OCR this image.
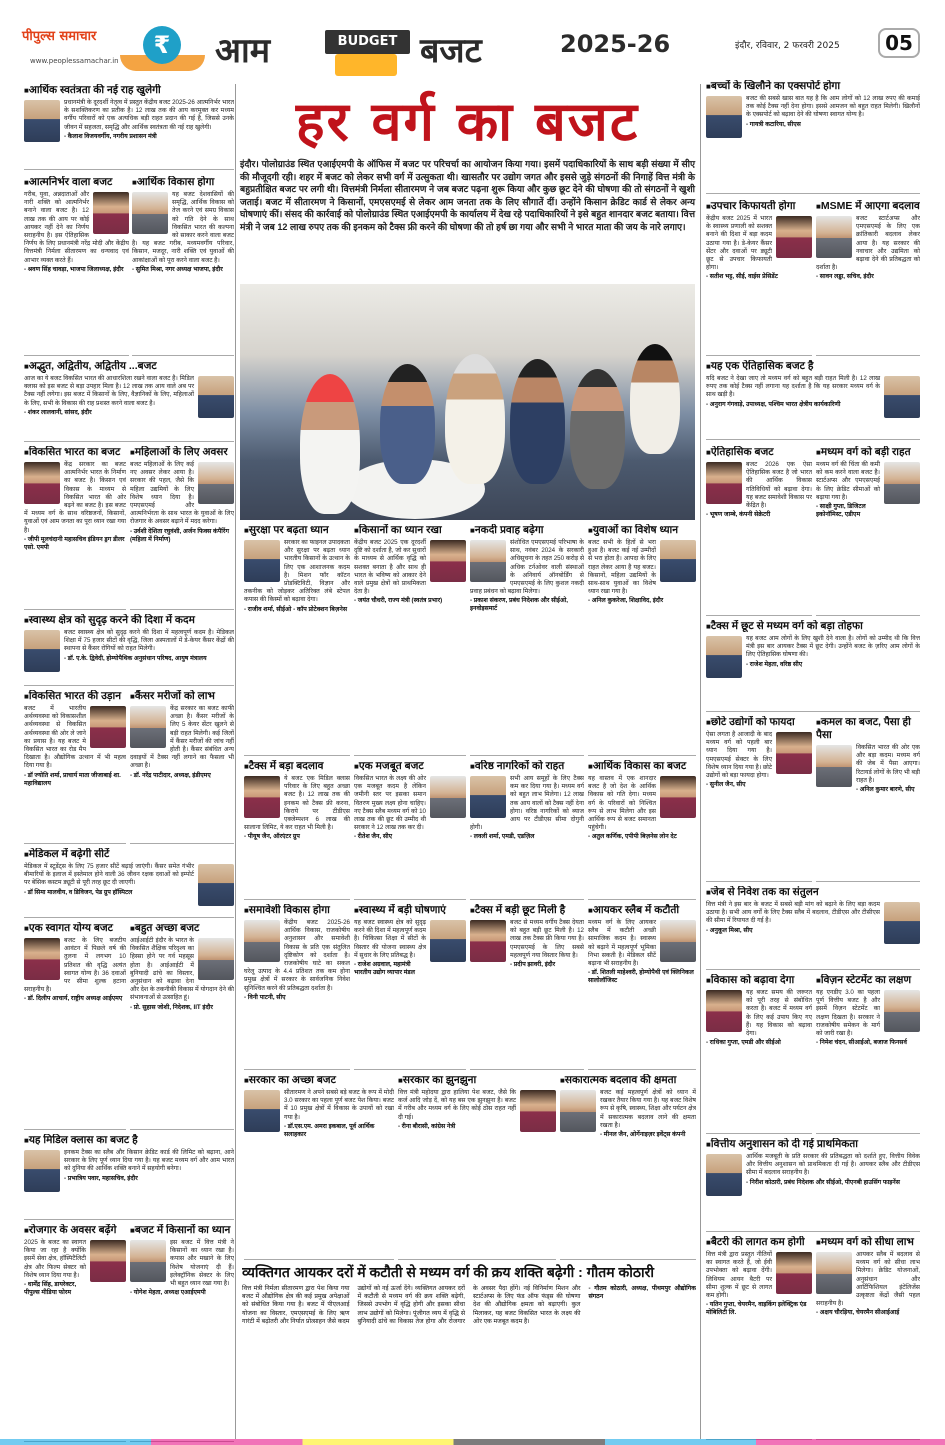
पीपुल्स समाचार
www.peoplessamachar.in
₹	आम	BUDGET बजट	2025-26	इंदौर, रविवार, 2 फरवरी 2025	05
हर वर्ग का बजट
इंदौर। पोलोग्राउंड स्थित एआईएमपी के ऑफिस में बजट पर परिचर्चा का आयोजन किया गया। इसमें पदाधिकारियों के साथ बड़ी संख्या में सीए की मौजूदगी रही। शहर में बजट को लेकर सभी वर्ग में उत्सुकता थी। खासतौर पर उद्योग जगत और इससे जुड़े संगठनों की निगाहें वित्त मंत्री के बहुप्रतीक्षित बजट पर लगी थी। वित्तमंत्री निर्मला सीतारमण ने जब बजट पढ़ना शुरू किया और कुछ छूट देने की घोषणा की तो संगठनों ने खुशी जताई। बजट में सीतारमण ने किसानों, एमएसएमई से लेकर आम जनता तक के लिए सौगातें दीं। उन्होंने किसान क्रेडिट कार्ड से लेकर अन्य घोषणाएं कीं। संसद की कार्रवाई को पोलोग्राउंड स्थित एआईएमपी के कार्यालय में देख रहे पदाधिकारियों ने इसे बहुत शानदार बजट बताया। वित्त मंत्री ने जब 12 लाख रुपए तक की इनकम को टैक्स फ्री करने की घोषणा की तो हर्ष छा गया और सभी ने भारत माता की जय के नारे लगाए।
■ आर्थिक स्वतंत्रता की नई राह खुलेगी

प्रधानमंत्री के दूरदर्शी नेतृत्व में प्रस्तुत केंद्रीय बजट 2025-26 आत्मनिर्भर भारत के सशक्तिकरण का प्रतीक है। 12 लाख तक की आय करमुक्त कर मध्यम वर्गीय परिवारों को एक अत्यधिक बड़ी राहत प्रदान की गई है, जिससे उनके जीवन में सहजता, समृद्धि और आर्थिक स्वतंत्रता की नई राह खुलेगी।

- कैलाश विजयवर्गीय, नगरीय प्रशासन मंत्री
■ आत्मनिर्भर वाला बजट

गरीब, युवा, अन्नदाताओं और नारी शक्ति को आत्मनिर्भर बनाने वाला बजट है। 12 लाख तक की आय पर कोई आयकर नहीं देने का निर्णय सराहनीय है। इस ऐतिहासिक निर्णय के लिए प्रधानमंत्री नरेंद्र मोदी और केंद्रीय वित्तमंत्री निर्मला सीतारमण का धन्यवाद एवं आभार व्यक्त करते हैं।

- श्रवण सिंह चावड़ा, भाजपा जिलाध्यक्ष, इंदौर
■ आर्थिक विकास होगा

यह बजट देशवासियों की समृद्धि, आर्थिक विकास को तेज करने एवं समग्र विकास को गति देने के साथ विकसित भारत की कल्पना को साकार करने वाला बजट है। यह बजट गरीब, मध्यमवर्गीय परिवार, किसान, मजदूर, नारी शक्ति एवं युवाओं की आकांक्षाओं को पूरा करने वाला बजट है।

- सुमित मिश्रा, नगर अध्यक्ष भाजपा, इंदौर
■ अद्भुत, अद्वितीय, अद्वितीय ...बजट

आज का ये बजट विकसित भारत की आधारशिला रखने वाला बजट है। मिडिल क्लास को इस बजट से बड़ा उपहार मिला है। 12 लाख तक आय वाले अब पर टैक्स नहीं लगेगा। इस बजट में किसानों के लिए, वैज्ञानिकों के लिए, महिलाओं के लिए, सभी के विकास की राह प्रशस्त करने वाला बजट है।

- शंकर लालवानी, सांसद, इंदौर
■ विकसित भारत का बजट

केंद्र सरकार का बजट आत्मनिर्भर भारत के निर्माण का बजट है। किसान एवं विकास के माध्यम से विकसित भारत की ओर बढ़ने का बजट है। इस बजट में मध्यम वर्ग के साथ वरिष्ठजनों, किसानों, युवाओं एवं आम जनता का पूरा ध्यान रखा गया है।

- जीपी मूलचंदानी महासचिव इंडियन ड्रग डीलर एसो. एमपी
■ महिलाओं के लिए अवसर

बजट महिलाओं के लिए कई नए अवसर लेकर आया है। सरकार की पहल, जैसे कि महिला उद्यमियों के लिए विशेष ध्यान दिया है। एमएसएमई और आत्मनिर्भरता के साथ भारत के युवाओं के लिए रोजगार के अवसर बढ़ाने में मदद करेगा।

- उर्वशी देशिता रघुवंशी, अर्जन फिक्स कंपैरिंग (महिला में निर्माण)
■ स्वास्थ्य क्षेत्र को सुदृढ़ करने की दिशा में कदम

बजट स्वास्थ्य क्षेत्र को सुदृढ़ करने की दिशा में महत्वपूर्ण कदम है। मेडिकल शिक्षा में 75 हजार सीटों की वृद्धि, जिला अस्पतालों में डे-केयर कैंसर केंद्रों की स्थापना से कैंसर रोगियों को राहत मिलेगी।

- डॉ. ए.के. द्विवेदी, होम्योपैथिक अनुसंधान परिषद, आयुष मंत्रालय
■ विकसित भारत की उड़ान

बजट में भारतीय अर्थव्यवस्था को विकासशील अर्थव्यवस्था से विकसित अर्थव्यवस्था की ओर ले जाने का प्रयास है। यह बजट मे विकसित भारत का रोड मैप दिखाता है। औद्योगिक उत्थान में भी महत्व दिया गया है।

- डॉ ज्योति शर्मा, प्राचार्य माता जीजाबाई शा. महाविद्यालय
■ कैंसर मरीजों को लाभ

केंद्र सरकार का बजट काफी अच्छा है। कैंसर मरीजों के लिए 5 केयर सेंटर खुलने से बड़ी राहत मिलेगी। कई जिलों में कैंसर मरीजों की जांच नहीं होती है। कैंसर संबंधित अन्य दवाइयों में टैक्स नहीं लगाने का फैसला भी अच्छा है।

- डॉ. नरेंद्र पाटीदार, अध्यक्ष, इंडीएमए
■ मेडिकल में बढ़ेगी सीटें

मेडिकल में स्टूडेंट्स के लिए 75 हजार सीटें बढ़ाई जाएंगी। कैंसर समेत गंभीर बीमारियों के इलाज में इस्तेमाल होने वाली 36 जीवन रक्षक दवाओं को इम्पोर्ट पर बेसिक कस्टम ड्यूटी से पूरी तरह छूट दी जाएगी।

- डॉ सिमा मालवीय, व डिविजन, पेड ग्रुप हॉस्पिटल
■ एक स्वागत योग्य बजट

बजट के लिए बजटीय आवंटन में पिछले वर्ष की तुलना में लगभग 10 प्रतिशत की वृद्धि अत्यंत स्वागत योग्य है। 36 दवाओं पर सीमा शुल्क हटाना सराहनीय है।

- डॉ. दिलीप आचार्य, राष्ट्रीय अध्यक्ष आईएमए
■ बहुत अच्छा बजट

आईआईटी इंदौर के भारत के विकसित शैक्षिक परिदृश्य का हिस्सा होने पर गर्व महसूस होता है। आईआईटी में बुनियादी ढांचे का विस्तार, अनुसंधान को बढ़ावा देना और देश के तकनीकी विकास में योगदान देने की संभावनाओं से उत्साहित हूं।

- प्रो. सुहास जोशी, निदेशक, IIT इंदौर
■ यह मिडिल क्लास का बजट है

इनकम टैक्स का स्लैब और किसान क्रेडिट कार्ड की लिमिट को बढ़ाना, आने सरकार के लिए पूर्ण ध्यान दिया गया है। यह बजट मध्यम वर्ग और आम भारत को दुनिया की आर्थिक शक्ति बनाने में सहयोगी बनेगा।

- प्रभात्रिय पवार, महासचिव, इंदौर
■ रोजगार के अवसर बढ़ेंगे

2025 के बजट का स्वागत किया जा रहा है क्योंकि इसमें सेवा क्षेत्र, हॉस्पिटैलिटी क्षेत्र और फिल्म सेक्टर को विशेष ध्यान दिया गया है।

- धार्मेंद्र सिंह, डायरेक्टर, पीपुल्स मीडिया फोरम
■ बजट में किसानों का ध्यान

इस बजट में वित्त मंत्री ने किसानों का ध्यान रखा है। कपास और मखाने के लिए विशेष योजनाएं दी हैं। इलेक्ट्रॉनिक सेक्टर के लिए भी बहुत ध्यान रखा गया है।

- योगेश मेहता, अध्यक्ष एआईएमपी
■ सुरक्षा पर बढ़ता ध्यान

सरकार का फाइनल उपादकता और सुरक्षा पर बढ़ता ध्यान भारतीय किसानों के उत्थान के लिए एक आशाजनक कदम है। मिशन फॉर कॉटन प्रोडक्टिविटी, विज्ञान और तकनीक को जोड़कर अतिरिक्त लंबे स्टेपल कपास की किस्मों को बढ़ावा देगा।

- राजीव शर्मा, सीईओ - कॉप प्रोटेक्शन बिज़नेस
■ किसानों का ध्यान रखा

केंद्रीय बजट 2025 एक दूरदर्शी दृष्टि को दर्शाता है, जो कर सुधारों के माध्यम से आर्थिक वृद्धि को सशक्त बनाता है और साथ ही भारत के भविष्य को आकार देने वाले प्रमुख क्षेत्रों को प्राथमिकता देता है।

- जयंत चौधरी, राज्य मंत्री (स्वतंत्र प्रभार)
■ नकदी प्रवाह बढ़ेगा

संशोधित एमएसएमई परिभाषा के साथ, नवंबर 2024 के सरकारी अधिसूचना के तहत 250 करोड़ से अधिक टर्नओवर वाली संस्थाओं के अनिवार्य ऑनबोर्डिंग से एमएसएमई के लिए कुशल नकदी प्रवाह प्रबंधन को बढ़ावा मिलेगा।

- प्रकाश संकरण, प्रबंध निदेशक और सीईओ, इनवोइसमार्ट
■ युवाओं का विशेष ध्यान

बजट सभी के हितों से भरा हुआ है। बजट कई नई उम्मीदों से भरा होता है। आपदा के लिए राहत लेकर आया है यह बजट। किसानों, महिला उद्यमियों के साथ-साथ युवाओं का विशेष ध्यान रखा गया है।

- अनिल कुकरेजा, शिक्षाविद, इंदौर
■ टैक्स में बड़ा बदलाव

ये बजट एक मिडिल क्लास परिवार के लिए बहुत अच्छा बजट है। 12 लाख तक की इनकम को टैक्स फ्री करना, किराये पर टीडीएस एक्जेम्पशन 6 लाख की सालाना लिमिट, ये कर राहत भी मिली है।

- पीयूष जैन, ऑरएंटर ग्रुप
■ एक मजबूत बजट

विकसित भारत के लक्ष्य की ओर एक मजबूत कदम है लेकिन जमीनी स्तर पर इसका समान वितरण मुख्य लक्ष्य होना चाहिए। नए टैक्स स्लैब मध्यम वर्ग को 10 लाख तक की छूट की उम्मीद थी सरकार ने 12 लाख तक कर दी।

- रीतेश जैन, सीए
■ वरिष्ठ नागरिकों को राहत

सभी आय समूहों के लिए टैक्स कम कर दिया गया है। मध्यम वर्ग को बहुत लाभ मिलेगा। 12 लाख तक आय वालों को टैक्स नहीं देना होगा। वरिष्ठ नागरिकों को ब्याज आय पर टीडीएस सीमा दोगुनी होगी।

- लवली शर्मा, एमडी, एडज़िल
■ आर्थिक विकास का बजट

यह वास्तव में एक शानदार बजट है जो देश के आर्थिक विकास को गति देगा। मध्यम वर्ग के परिवारों को निश्चित रूप से लाभ मिलेगा और इस आर्थिक रूप से बजट समानता पहुंचेगी।

- अतुल कर्णिक, एपीपी बिज़नेस लोन देट
■ समावेशी विकास होगा

केंद्रीय बजट 2025-26 आर्थिक विकास, राजकोषीय अनुशासन और समावेशी विकास के प्रति एक संतुलित दृष्टिकोण को दर्शाता है। राजकोषीय घाटे का सकल घरेलू उत्पाद के 4.4 प्रतिशत तक कम होना प्रमुख क्षेत्रों में सरकार के सार्वजनिक निवेश सुनिश्चित करने की प्रतिबद्धता दर्शाता है।

- विनी पाटनी, सीए
■ स्वास्थ्य में बड़ी घोषणाएं

यह बजट स्वास्थ्य क्षेत्र को सुदृढ़ करने की दिशा में महत्वपूर्ण कदम है। चिकित्सा शिक्षा में सीटों के विस्तार की योजना स्वास्थ्य क्षेत्र में सुधार के लिए प्रतिबद्ध है।

- राजेश अग्रवाल, महामंत्री भारतीय उद्योग व्यापार मंडल
■ टैक्स में बड़ी छूट मिली है

बजट से मध्यम वर्गीय टैक्स देयता को बहुत बड़ी छूट मिली है। 12 लाख तक टैक्स फ्री किया गया है। एमएसएमई के लिए सबसे महत्वपूर्ण नया विस्तार किया है।

- प्रदीप झावरी, इंदौर
■ आयकर स्लैब में कटौती

मध्यम वर्ग के लिए आयकर स्लैब में कटौती अच्छी सामाजिक कदम है। स्वास्थ्य को बढ़ाने में महत्वपूर्ण भूमिका निभा सकती है। मेडिकल सीटें बढ़ाना भी सराहनीय है।

- डॉ. शितली माहेश्वरी, होम्योपैथी एवं क्लिनिकल सालोलॉजिस्ट
■ सरकार का अच्छा बजट

सीतारमण ने अपने सबसे बड़े बजट के रूप में मोदी 3.0 सरकार का पहला पूर्ण बजट पेश किया। बजट में 10 प्रमुख क्षेत्रों में विकास के उपायों को रखा गया है।

- डॉ.एस.एम. अमरा इकबाल, पूर्व आर्थिक सलाहकार
■ सरकार का झुनझुना

वित्त मंत्री महोदया द्वारा हालिया पेश बजट, जैसे कि कर्ज आदि जोड़ दें, को यह बस एक झुनझुना है। बजट में गरीब और मध्यम वर्ग के लिए कोई ठोस राहत नहीं दी गई।

- रीना बौरासी, कांग्रेस नेत्री
■ सकारात्मक बदलाव की क्षमता

बजट कई महत्वपूर्ण क्षेत्रों को ध्यान में रखकर तैयार किया गया है। यह बजट विशेष रूप से कृषि, स्वास्थ्य, शिक्षा और पर्यटन क्षेत्र में सकारात्मक बदलाव लाने की क्षमता रखता है।

- मीनल जैन, ओर्गेनाइज़र इवेंट्स कंपनी
■ बच्चों के खिलौने का एक्सपोर्ट होगा

बजट की सबसे खास बात यह है कि आम लोगों को 12 लाख रुपए की कमाई तक कोई टैक्स नहीं देना होगा। इससे आमजन को बहुत राहत मिलेगी। खिलौनों के एक्सपोर्ट को बढ़ावा देने की घोषणा स्वागत योग्य है।

- गायत्री कटारिया, सीएस
■ उपचार किफायती होगा

केंद्रीय बजट 2025 में भारत के स्वास्थ्य प्रणाली को सशक्त बनाने की दिशा में बड़ा कदम उठाया गया है। डे-केयर कैंसर सेंटर और दवाओं पर ड्यूटी छूट से उपचार किफायती होगा।

- सतीश भट्ट, सीई, वाईस प्रेसिडेंट
■ MSME में आएगा बदलाव

बजट स्टार्टअप्स और एमएसएमई के लिए एक क्रांतिकारी बदलाव लेकर आया है। यह सरकार की नवाचार और उद्यमिता को बढ़ावा देने की प्रतिबद्धता को दर्शाता है।

- सावन लड्ढा, सचिव, इंदौर
■ यह एक ऐतिहासिक बजट है

यदि बजट ने देखा जाए तो मध्यम वर्ग को बहुत बड़ी राहत मिली है। 12 लाख रुपए तक कोई टैक्स नहीं लगाना यह दर्शाता है कि यह सरकार मध्यम वर्ग के साथ खड़ी है।

- अनुराग गंगवाड़े, उपाध्यक्ष, पश्चिम भारत क्षेत्रीय कार्यकारिणी
■ ऐतिहासिक बजट

बजट 2026 एक ऐसा ऐतिहासिक बजट है जो भारत की आर्थिक विकास गतिविधियों को बढ़ावा देगा। यह बजट समावेशी विकास पर केंद्रित है।

- भूषण जाम्बे, कंपनी सेक्रेटरी
■ मध्यम वर्ग को बड़ी राहत

मध्यम वर्ग की चिंता की कमी को कम करने वाला बजट है। स्टार्टअप्स और एमएसएमई के लिए क्रेडिट सीमाओं को बढ़ाया गया है।

- साक्षी गुप्ता, डिजिटल इकोनॉमिस्ट, एडीएम
■ टैक्स में छूट से मध्यम वर्ग को बड़ा तोहफा

यह बजट आम लोगों के लिए खुशी देने वाला है। लोगों को उम्मीद थी कि वित्त मंत्री इस बार आयकर टैक्स में छूट देगी। उन्होंने बजट के ज़रिए आम लोगों के लिए ऐतिहासिक घोषणा की।

- राजेश मेहता, वरिष्ठ सीए
■ छोटे उद्योगों को फायदा

ऐसा लगता है आजादी के बाद मध्यम वर्ग को पहली बार ध्यान दिया गया है। एमएसएमई सेक्टर के लिए विशेष ध्यान दिया गया है। छोटे उद्योगों को बड़ा फायदा होगा।

- सुनील जैन, सीए
■ कमल का बजट, पैसा ही पैसा

विकसित भारत की ओर एक और बड़ा कदम। मध्यम वर्ग की जेब में पैसा आएगा। रिटायर्ड लोगों के लिए भी बड़ी राहत है।

- अनिल कुमार बारणे, सीए
■ जेब से निवेश तक का संतुलन

वित्त मंत्री ने इस बार के बजट में सबसे बड़ी मांग को बढ़ाने के लिए बड़ा कदम उठाया है। सभी आय वर्गों के लिए टैक्स स्लैब में बदलाव, टीडीएस और टीसीएस की सीमा में रियायत दी गई है।

- अनुकूल मिश्रा, सीए
■ विकास को बढ़ावा देगा

यह बजट समय की जरूरत को पूरी तरह से संबोधित करता है। बजट में मध्यम वर्ग के लिए कई उपाय किए गए हैं। यह विकास को बढ़ावा देगा।

- राधिका गुप्ता, एमडी और सीईओ
■ विज़न स्टेटमेंट का लक्षण

यह एनडीए 3.0 का पहला पूर्ण वित्तीय बजट है और इसमें विज़न स्टेटमेंट का लक्षण दिखता है। सरकार ने राजकोषीय समेकन के मार्ग को जारी रखा है।

- निमेश चंदन, सीआईओ, बजाज फिनसर्व
■ वित्तीय अनुशासन को दी गई प्राथमिकता

आर्थिक मजबूती के प्रति सरकार की प्रतिबद्धता को दर्शाते हुए, वित्तीय विवेक और वित्तीय अनुशासन को प्राथमिकता दी गई है। आयकर स्लैब और टीडीएस सीमा में बदलाव सराहनीय है।

- निरीश कोठारी, प्रबंध निदेशक और सीईओ, पीएनबी हाउसिंग फाइनेंस
■ बैटरी की लागत कम होगी

वित्त मंत्री द्वारा प्रस्तुत नीतियों का स्वागत करते हैं, जो ईवी उपभोक्ता को बढ़ावा देंगी। लिथियम आयन बैटरी पर सीमा शुल्क में छूट से लागत कम होगी।

- यतिन गुप्ता, चेयरमैन, वाइकिंग इलेक्ट्रिक एंड मोबिलिटी लि.
■ मध्यम वर्ग को सीधा लाभ

आयकर स्लैब में बदलाव से मध्यम वर्ग को सीधा लाभ मिलेगा। क्रेडिट योजनाओं, अनुसंधान और आर्टिफिशियल इंटेलिजेंस उत्कृष्टता केंद्रों जैसी पहल सराहनीय है।

- अक्षय चौरड़िया, चेयरमैन सीआईआई
व्यक्तिगत आयकर दरों में कटौती से मध्यम वर्ग की क्रय शक्ति बढ़ेगी : गौतम कोठारी
वित्त मंत्री निर्मला सीतारमण द्वारा पेश किया गया बजट में औद्योगिक क्षेत्र की कई प्रमुख अपेक्षाओं को संबोधित किया गया है। बजट में पीएलआई योजना का विस्तार, एमएसएमई के लिए ऋण गारंटी में बढ़ोतरी और निर्यात प्रोत्साहन जैसे कदम उद्योगों को नई ऊर्जा देंगे। व्यक्तिगत आयकर दरों में कटौती से मध्यम वर्ग की क्रय शक्ति बढ़ेगी, जिससे उपभोग में वृद्धि होगी और इसका सीधा लाभ उद्योगों को मिलेगा। पूंजीगत व्यय में वृद्धि से बुनियादी ढांचे का विकास तेज होगा और रोजगार के अवसर पैदा होंगे। नई विनिर्माण मिशन और स्टार्टअप्स के लिए फंड ऑफ फंड्स की घोषणा देश की औद्योगिक क्षमता को बढ़ाएगी। कुल मिलाकर, यह बजट विकसित भारत के लक्ष्य की ओर एक मजबूत कदम है।
- गौतम कोठारी, अध्यक्ष, पीथमपुर औद्योगिक संगठन
